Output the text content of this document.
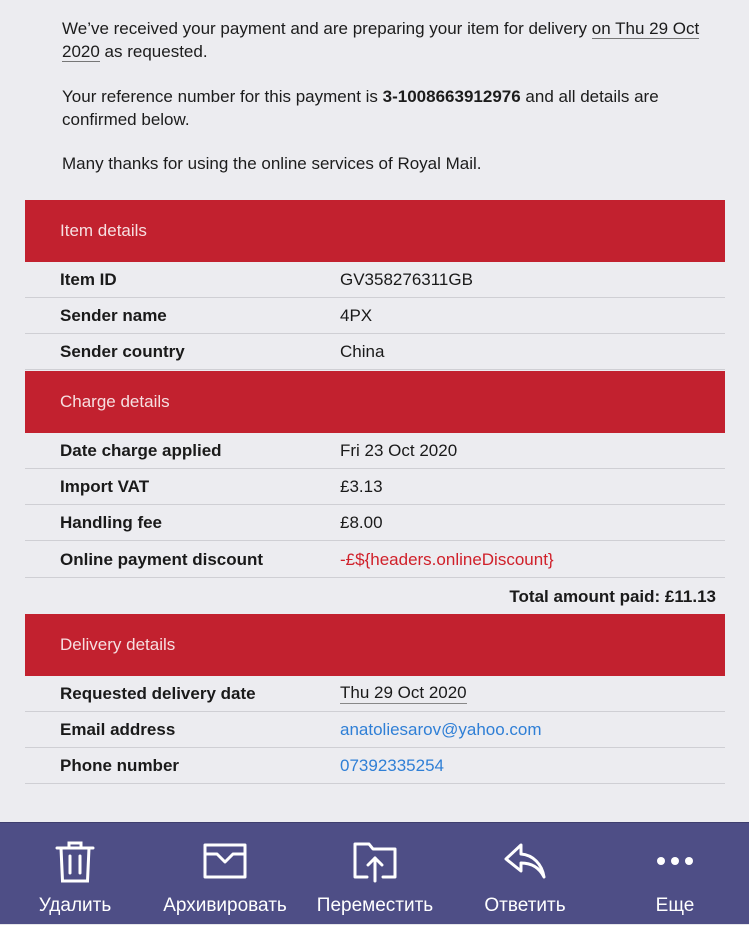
We’ve received your payment and are preparing your item for delivery on Thu 29 Oct 2020 as requested.
Your reference number for this payment is 3-1008663912976 and all details are confirmed below.
Many thanks for using the online services of Royal Mail.
Item details
Item ID	GV358276311GB
Sender name	4PX
Sender country	China
Charge details
Date charge applied	Fri 23 Oct 2020
Import VAT	£3.13
Handling fee	£8.00
Online payment discount	-£${headers.onlineDiscount}
Total amount paid: £11.13
Delivery details
Requested delivery date	Thu 29 Oct 2020
Email address	anatoliesarov@yahoo.com
Phone number	07392335254
Удалить	Архивировать Переместить	Ответить	Еще
